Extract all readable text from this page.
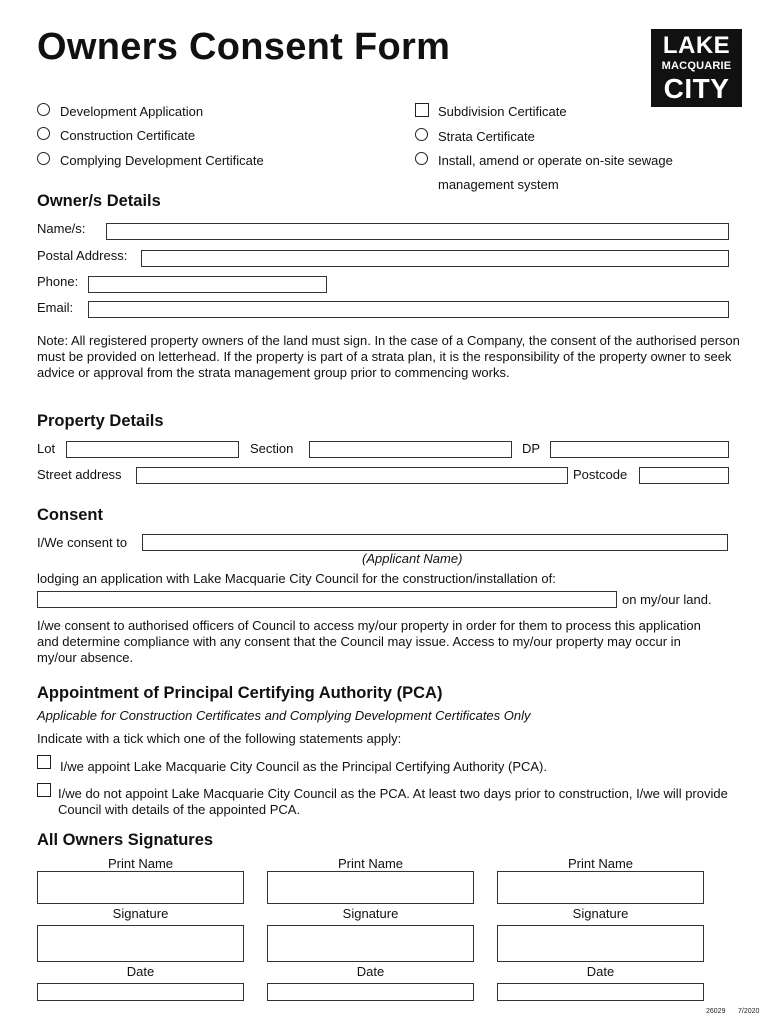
Owners Consent Form	LAKE
MACQUARIE
CITY
Development Application
Construction Certificate
Complying Development Certificate
Subdivision Certificate
Strata Certificate
Install, amend or operate on-site sewage
management system
Owner/s Details
Name/s:
Postal Address:
Phone:
Email:
Note: All registered property owners of the land must sign. In the case of a Company, the consent of the authorised person must be provided on letterhead. If the property is part of a strata plan, it is the responsibility of the property owner to seek advice or approval from the strata management group prior to commencing works.
Property Details
Lot	Section	DP
Street address	Postcode
Consent
I/We consent to
(Applicant Name)
lodging an application with Lake Macquarie City Council for the construction/installation of:
on my/our land.
I/we consent to authorised officers of Council to access my/our property in order for them to process this application and determine compliance with any consent that the Council may issue. Access to my/our property may occur in my/our absence.
Appointment of Principal Certifying Authority (PCA)
Applicable for Construction Certificates and Complying Development Certificates Only
Indicate with a tick which one of the following statements apply:
I/we appoint Lake Macquarie City Council as the Principal Certifying Authority (PCA).
I/we do not appoint Lake Macquarie City Council as the PCA. At least two days prior to construction, I/we will provide Council with details of the appointed PCA.
All Owners Signatures
Print Name	Print Name	Print Name
Signature	Signature	Signature
Date	Date	Date
26029 7/2020
